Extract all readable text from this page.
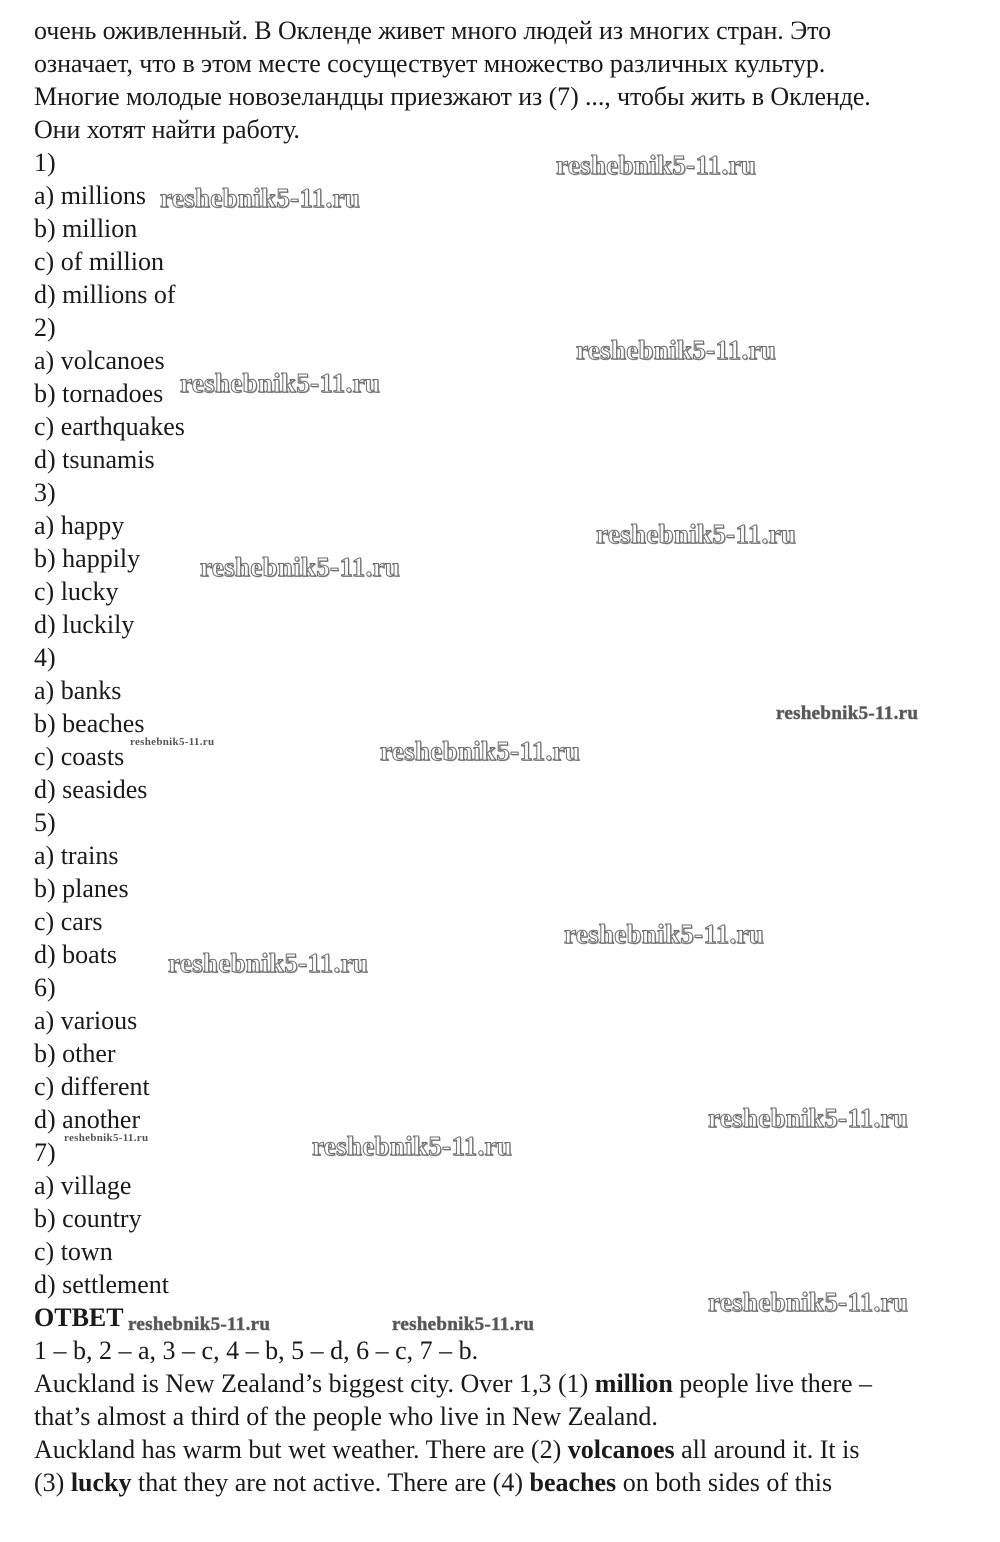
очень оживленный. В Окленде живет много людей из многих стран. Это
означает, что в этом месте сосуществует множество различных культур.
Многие молодые новозеландцы приезжают из (7) ..., чтобы жить в Окленде.
Они хотят найти работу.
1)
a) millions
b) million
c) of million
d) millions of
2)
a) volcanoes
b) tornadoes
c) earthquakes
d) tsunamis
3)
a) happy
b) happily
c) lucky
d) luckily
4)
a) banks
b) beaches
c) coasts
d) seasides
5)
a) trains
b) planes
c) cars
d) boats
6)
a) various
b) other
c) different
d) another
7)
a) village
b) country
c) town
d) settlement
ОТВЕТ
1 – b, 2 – a, 3 – c, 4 – b, 5 – d, 6 – c, 7 – b.
Auckland is New Zealand’s biggest city. Over 1,3 (1) million people live there –
that’s almost a third of the people who live in New Zealand.
Auckland has warm but wet weather. There are (2) volcanoes all around it. It is
(3) lucky that they are not active. There are (4) beaches on both sides of this
reshebnik5-11.ru
reshebnik5-11.ru
reshebnik5-11.ru
reshebnik5-11.ru
reshebnik5-11.ru
reshebnik5-11.ru
reshebnik5-11.ru
reshebnik5-11.ru	reshebnik5-11.ru
reshebnik5-11.ru
reshebnik5-11.ru
reshebnik5-11.ru
reshebnik5-11.ru	reshebnik5-11.ru
reshebnik5-11.ru
reshebnik5-11.ru	reshebnik5-11.ru
